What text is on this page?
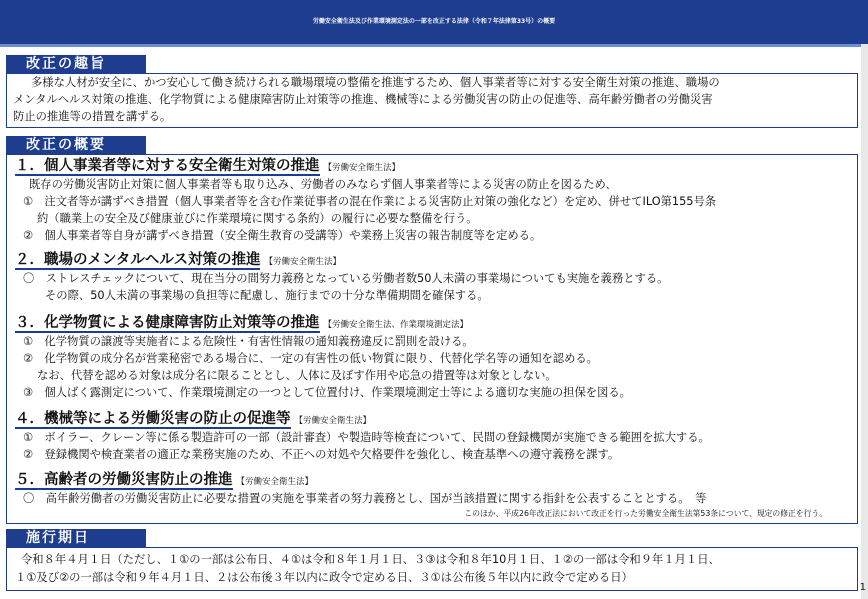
労働安全衛生法及び作業環境測定法の一部を改正する法律（令和７年法律第33号）の概要
改正の趣旨
多様な人材が安全に、かつ安心して働き続けられる職場環境の整備を推進するため、個人事業者等に対する安全衛生対策の推進、職場の
メンタルヘルス対策の推進、化学物質による健康障害防止対策等の推進、機械等による労働災害の防止の促進等、高年齢労働者の労働災害
防止の推進等の措置を講ずる。
改正の概要
１．個人事業者等に対する安全衛生対策の推進 【労働安全衛生法】
既存の労働災害防止対策に個人事業者等も取り込み、労働者のみならず個人事業者等による災害の防止を図るため、
①　注文者等が講ずべき措置（個人事業者等を含む作業従事者の混在作業による災害防止対策の強化など）を定め、併せてILO第155号条
約（職業上の安全及び健康並びに作業環境に関する条約）の履行に必要な整備を行う。
②　個人事業者等自身が講ずべき措置（安全衛生教育の受講等）や業務上災害の報告制度等を定める。
２．職場のメンタルヘルス対策の推進 【労働安全衛生法】
〇　ストレスチェックについて、現在当分の間努力義務となっている労働者数50人未満の事業場についても実施を義務とする。
その際、50人未満の事業場の負担等に配慮し、施行までの十分な準備期間を確保する。
３．化学物質による健康障害防止対策等の推進 【労働安全衛生法、作業環境測定法】
①　化学物質の譲渡等実施者による危険性・有害性情報の通知義務違反に罰則を設ける。
②　化学物質の成分名が営業秘密である場合に、一定の有害性の低い物質に限り、代替化学名等の通知を認める。
なお、代替を認める対象は成分名に限ることとし、人体に及ぼす作用や応急の措置等は対象としない。
③　個人ばく露測定について、作業環境測定の一つとして位置付け、作業環境測定士等による適切な実施の担保を図る。
４．機械等による労働災害の防止の促進等 【労働安全衛生法】
①　ボイラー、クレーン等に係る製造許可の一部（設計審査）や製造時等検査について、民間の登録機関が実施できる範囲を拡大する。
②　登録機関や検査業者の適正な業務実施のため、不正への対処や欠格要件を強化し、検査基準への遵守義務を課す。
５．高齢者の労働災害防止の推進 【労働安全衛生法】
〇　高年齢労働者の労働災害防止に必要な措置の実施を事業者の努力義務とし、国が当該措置に関する指針を公表することとする。　等
このほか、平成26年改正法において改正を行った労働安全衛生法第53条について、規定の修正を行う。
施行期日
令和８年４月１日（ただし、１①の一部は公布日、４①は令和８年１月１日、３③は令和８年10月１日、１②の一部は令和９年１月１日、
１①及び②の一部は令和９年４月１日、２は公布後３年以内に政令で定める日、３①は公布後５年以内に政令で定める日）
1
